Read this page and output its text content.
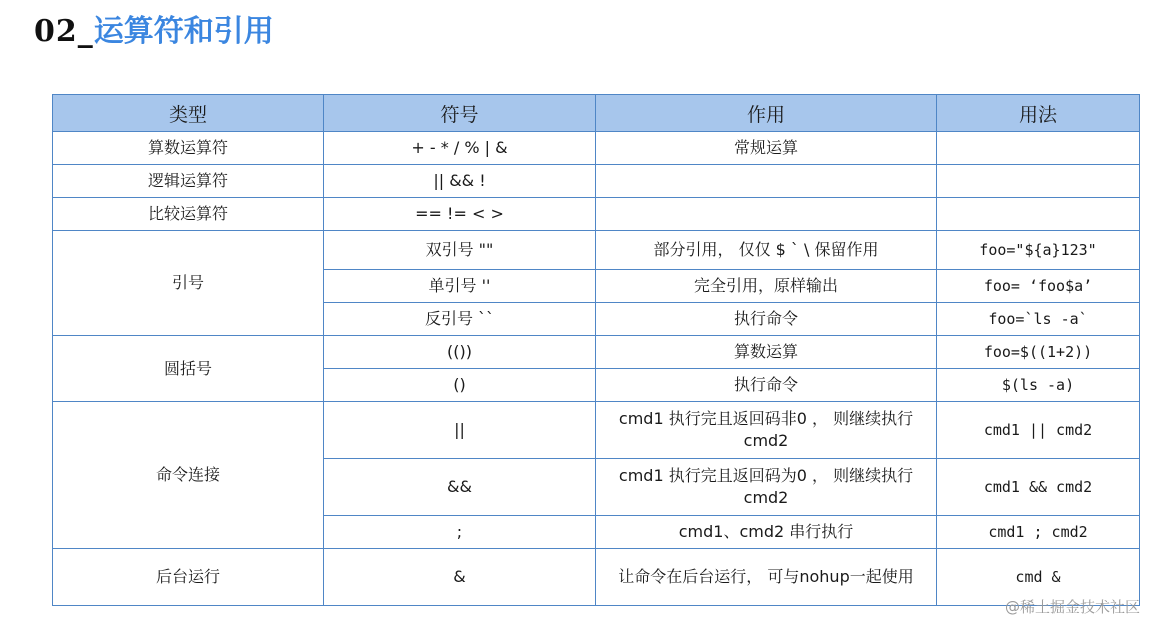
02_运算符和引用
类型	符号	作用	用法
算数运算符	+ - * / % | &	常规运算	
逻辑运算符	|| && !		
比较运算符	== != < >		
引号	双引号 ""	部分引用， 仅仅 $ ` \ 保留作用	foo="${a}123"
	单引号 ''	完全引用，原样输出	foo= ‘foo$a’
	反引号 ``	执行命令	foo=`ls -a`
圆括号	(())	算数运算	foo=$((1+2))
	()	执行命令	$(ls -a)
命令连接	||	cmd1 执行完且返回码非0 ， 则继续执行 cmd2	cmd1 || cmd2
	&&	cmd1 执行完且返回码为0 ， 则继续执行 cmd2	cmd1 && cmd2
	;	cmd1、cmd2 串行执行	cmd1 ; cmd2
后台运行	&	让命令在后台运行， 可与nohup一起使用	cmd &
@稀土掘金技术社区
